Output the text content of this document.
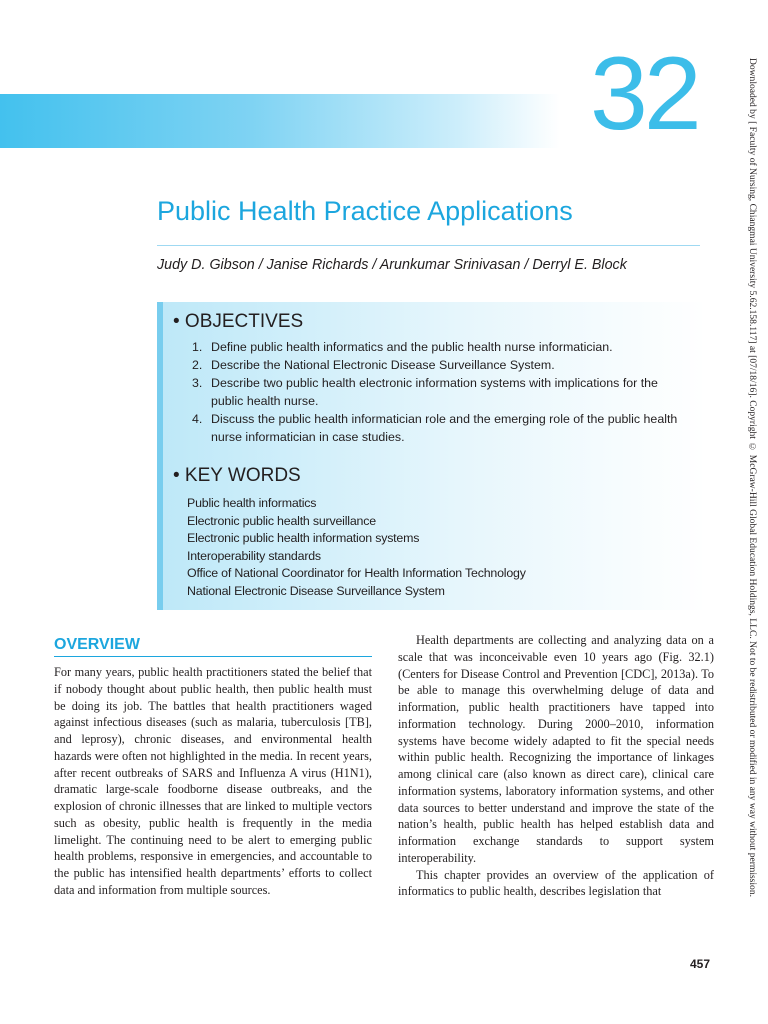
32
Public Health Practice Applications
Judy D. Gibson / Janise Richards / Arunkumar Srinivasan / Derryl E. Block
• OBJECTIVES
1. Define public health informatics and the public health nurse informatician.
2. Describe the National Electronic Disease Surveillance System.
3. Describe two public health electronic information systems with implications for the public health nurse.
4. Discuss the public health informatician role and the emerging role of the public health nurse informatician in case studies.
• KEY WORDS
Public health informatics
Electronic public health surveillance
Electronic public health information systems
Interoperability standards
Office of National Coordinator for Health Information Technology
National Electronic Disease Surveillance System
OVERVIEW

For many years, public health practitioners stated the belief that if nobody thought about public health, then public health must be doing its job. The battles that health practitioners waged against infectious diseases (such as malaria, tuberculosis [TB], and leprosy), chronic diseases, and environmental health hazards were often not highlighted in the media. In recent years, after recent outbreaks of SARS and Influenza A virus (H1N1), dramatic large-scale foodborne disease outbreaks, and the explosion of chronic illnesses that are linked to multiple vectors such as obesity, public health is frequently in the media limelight. The continuing need to be alert to emerging public health problems, responsive in emergencies, and accountable to the public has intensified health departments’ efforts to collect data and information from multiple sources.

Health departments are collecting and analyzing data on a scale that was inconceivable even 10 years ago (Fig. 32.1) (Centers for Disease Control and Prevention [CDC], 2013a). To be able to manage this overwhelming deluge of data and information, public health practitioners have tapped into information technology. During 2000–2010, information systems have become widely adapted to fit the special needs within public health. Recognizing the importance of linkages among clinical care (also known as direct care), clinical care information systems, laboratory information systems, and other data sources to better understand and improve the state of the nation’s health, public health has helped establish data and information exchange standards to support system interoperability.

This chapter provides an overview of the application of informatics to public health, describes legislation that

457
Downloaded by [ Faculty of Nursing, Chiangmai University 5.62.158.117] at [07/18/16]. Copyright © McGraw-Hill Global Education Holdings, LLC. Not to be redistributed or modified in any way without permission.
